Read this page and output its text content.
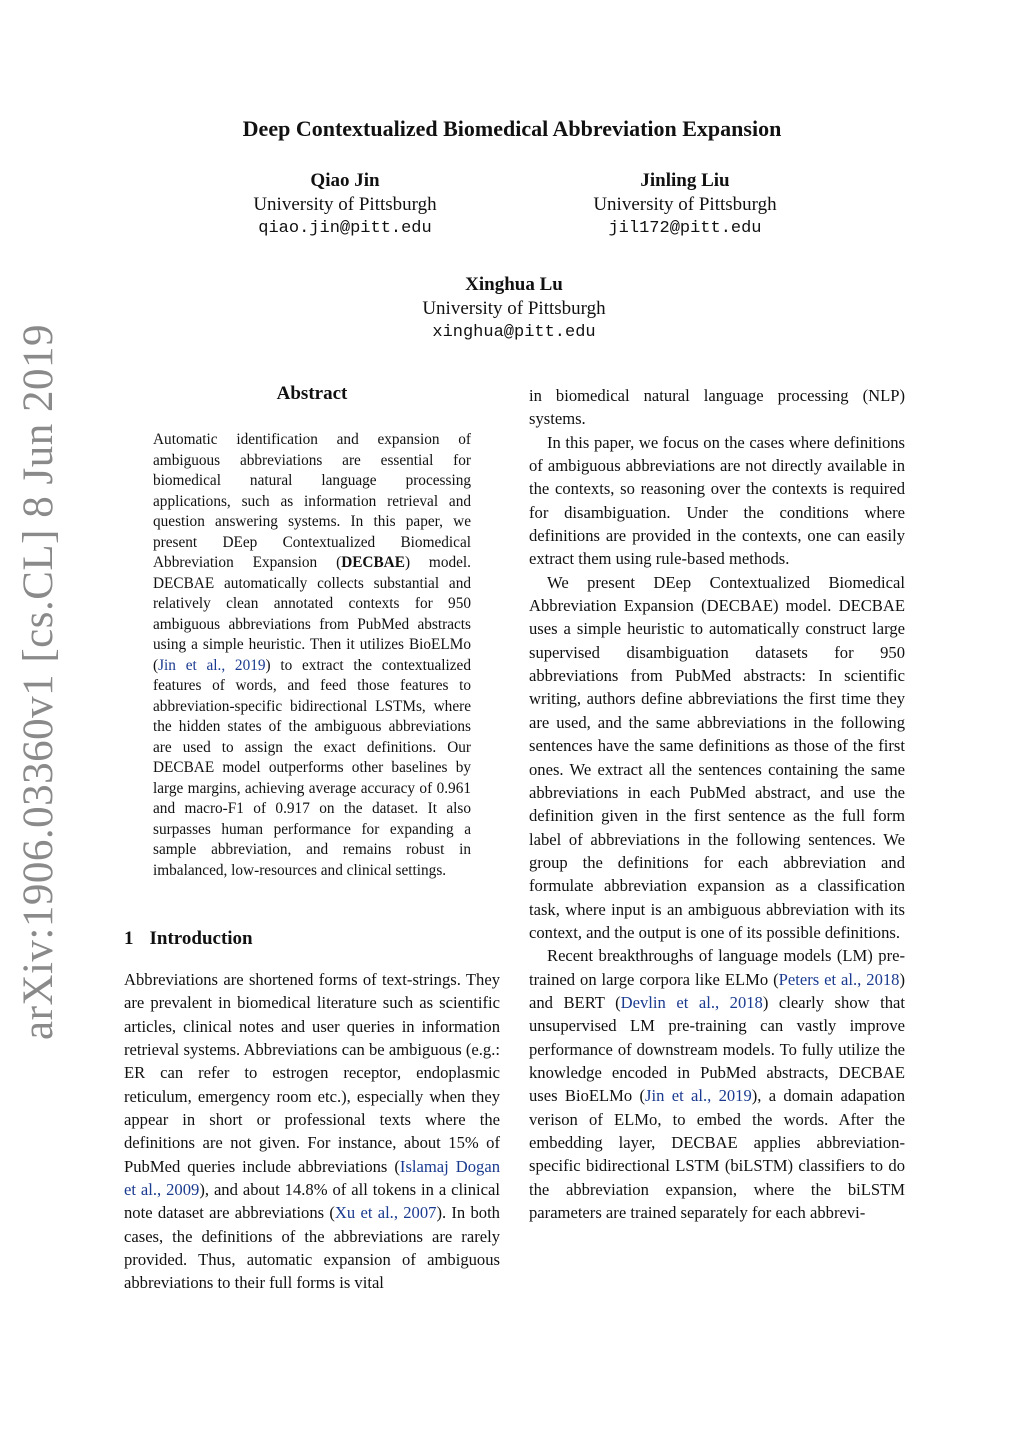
Deep Contextualized Biomedical Abbreviation Expansion
Qiao Jin
University of Pittsburgh
qiao.jin@pitt.edu
Jinling Liu
University of Pittsburgh
jil172@pitt.edu
Xinghua Lu
University of Pittsburgh
xinghua@pitt.edu
arXiv:1906.03360v1 [cs.CL] 8 Jun 2019	Abstract
Automatic identification and expansion of ambiguous abbreviations are essential for biomedical natural language processing applications, such as information retrieval and question answering systems. In this paper, we present DEep Contextualized Biomedical Abbreviation Expansion (DECBAE) model. DECBAE automatically collects substantial and relatively clean annotated contexts for 950 ambiguous abbreviations from PubMed abstracts using a simple heuristic. Then it utilizes BioELMo (Jin et al., 2019) to extract the contextualized features of words, and feed those features to abbreviation-specific bidirectional LSTMs, where the hidden states of the ambiguous abbreviations are used to assign the exact definitions. Our DECBAE model outperforms other baselines by large margins, achieving average accuracy of 0.961 and macro-F1 of 0.917 on the dataset. It also surpasses human performance for expanding a sample abbreviation, and remains robust in imbalanced, low-resources and clinical settings.
1 Introduction

Abbreviations are shortened forms of text-strings. They are prevalent in biomedical literature such as scientific articles, clinical notes and user queries in information retrieval systems. Abbreviations can be ambiguous (e.g.: ER can refer to estrogen receptor, endoplasmic reticulum, emergency room etc.), especially when they appear in short or professional texts where the definitions are not given. For instance, about 15% of PubMed queries include abbreviations (Islamaj Dogan et al., 2009), and about 14.8% of all tokens in a clinical note dataset are abbreviations (Xu et al., 2007). In both cases, the definitions of the abbreviations are rarely provided. Thus, automatic expansion of ambiguous abbreviations to their full forms is vital

in biomedical natural language processing (NLP) systems.

In this paper, we focus on the cases where definitions of ambiguous abbreviations are not directly available in the contexts, so reasoning over the contexts is required for disambiguation. Under the conditions where definitions are provided in the contexts, one can easily extract them using rule-based methods.

We present DEep Contextualized Biomedical Abbreviation Expansion (DECBAE) model. DECBAE uses a simple heuristic to automatically construct large supervised disambiguation datasets for 950 abbreviations from PubMed abstracts: In scientific writing, authors define abbreviations the first time they are used, and the same abbreviations in the following sentences have the same definitions as those of the first ones. We extract all the sentences containing the same abbreviations in each PubMed abstract, and use the definition given in the first sentence as the full form label of abbreviations in the following sentences. We group the definitions for each abbreviation and formulate abbreviation expansion as a classification task, where input is an ambiguous abbreviation with its context, and the output is one of its possible definitions.

Recent breakthroughs of language models (LM) pre-trained on large corpora like ELMo (Peters et al., 2018) and BERT (Devlin et al., 2018) clearly show that unsupervised LM pre-training can vastly improve performance of downstream models. To fully utilize the knowledge encoded in PubMed abstracts, DECBAE uses BioELMo (Jin et al., 2019), a domain adapation verison of ELMo, to embed the words. After the embedding layer, DECBAE applies abbreviation-specific bidirectional LSTM (biLSTM) classifiers to do the abbreviation expansion, where the biLSTM parameters are trained separately for each abbrevi-
